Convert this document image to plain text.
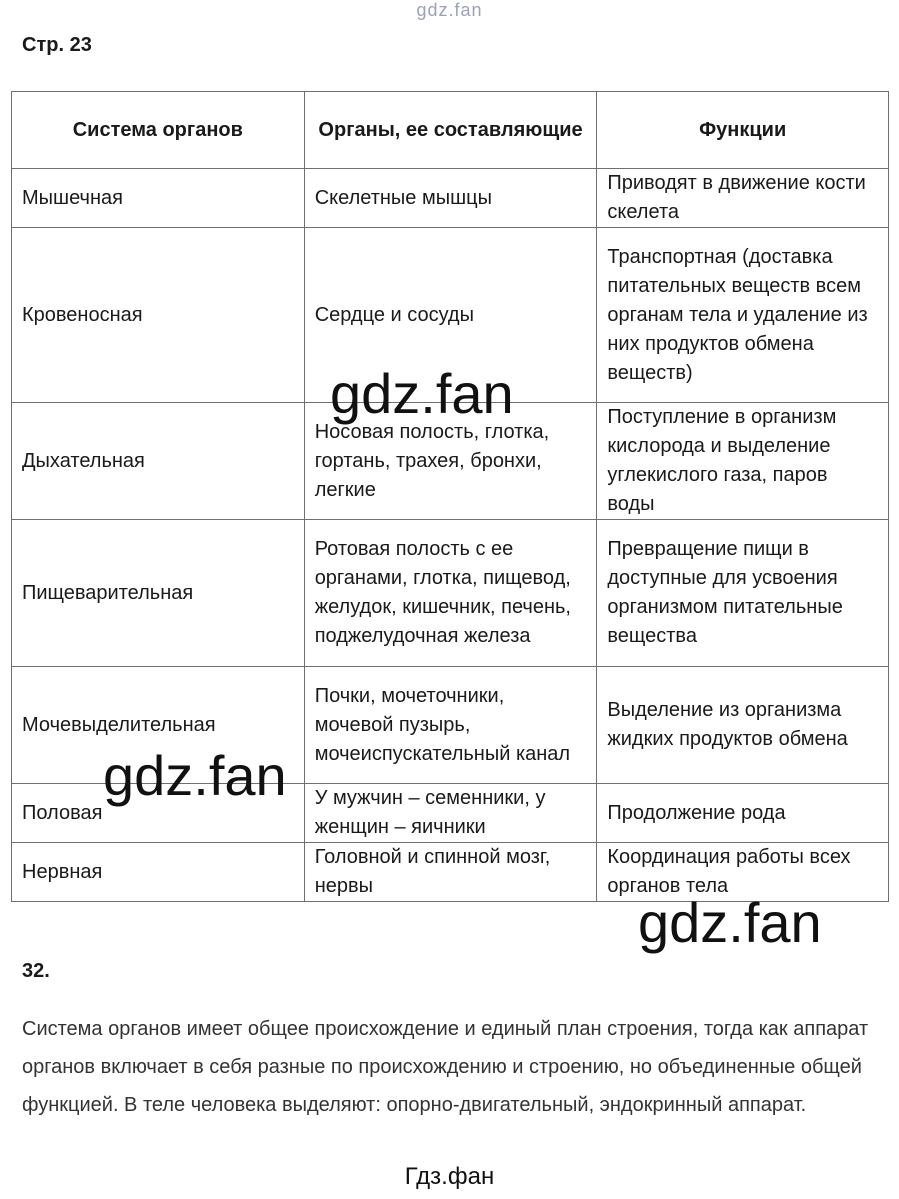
gdz.fan
Стр. 23
Система органов	Органы, ее составляющие	Функции
Мышечная	Скелетные мышцы	Приводят в движение кости скелета
Кровеносная	Сердце и сосуды	Транспортная (доставка питательных веществ всем органам тела и удаление из них продуктов обмена веществ)
Дыхательная	Носовая полость, глотка, гортань, трахея, бронхи, легкие	Поступление в организм кислорода и выделение углекислого газа, паров воды
Пищеварительная	Ротовая полость с ее органами, глотка, пищевод, желудок, кишечник, печень, поджелудочная железа	Превращение пищи в доступные для усвоения организмом питательные вещества
Мочевыделительная	Почки, мочеточники, мочевой пузырь, мочеиспускательный канал	Выделение из организма жидких продуктов обмена
Половая	У мужчин – семенники, у женщин – яичники	Продолжение рода
Нервная	Головной и спинной мозг, нервы	Координация работы всех органов тела
gdz.fan
gdz.fan
gdz.fan
32.
Система органов имеет общее происхождение и единый план строения, тогда как аппарат органов включает в себя разные по происхождению и строению, но объединенные общей функцией. В теле человека выделяют: опорно-двигательный, эндокринный аппарат.
Гдз.фан
